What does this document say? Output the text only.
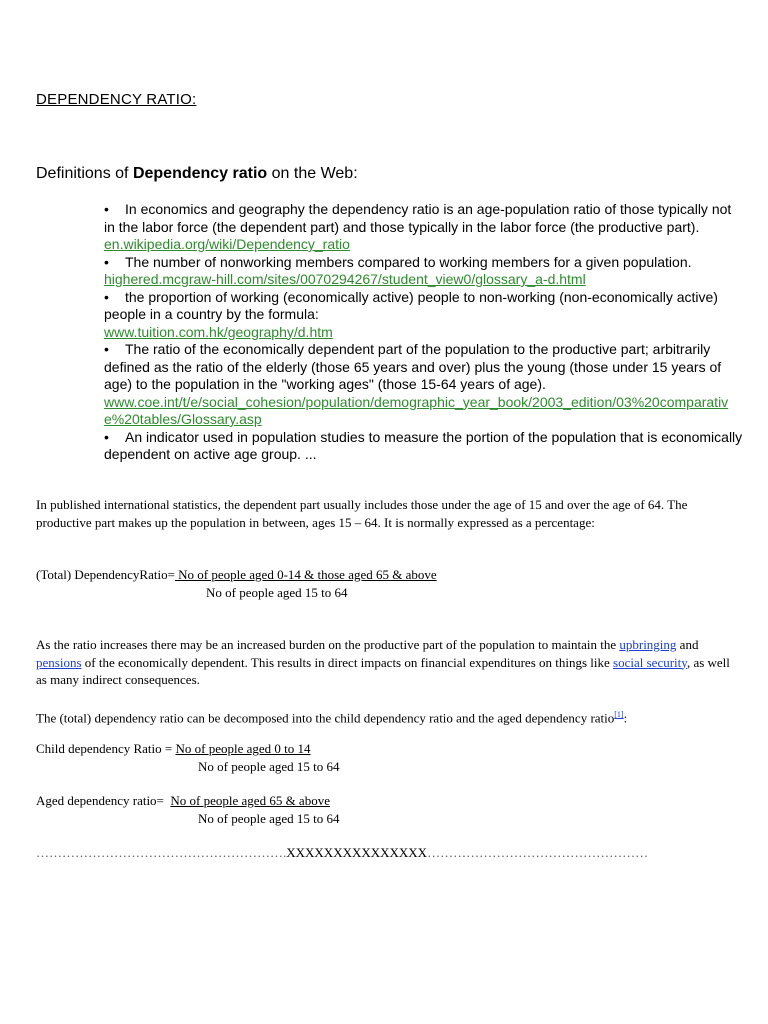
DEPENDENCY RATIO:
Definitions of Dependency ratio on the Web:
• In economics and geography the dependency ratio is an age-population ratio of those typically not in the labor force (the dependent part) and those typically in the labor force (the productive part).
en.wikipedia.org/wiki/Dependency_ratio
• The number of nonworking members compared to working members for a given population.
highered.mcgraw-hill.com/sites/0070294267/student_view0/glossary_a-d.html
• the proportion of working (economically active) people to non-working (non-economically active) people in a country by the formula:
www.tuition.com.hk/geography/d.htm
• The ratio of the economically dependent part of the population to the productive part; arbitrarily defined as the ratio of the elderly (those 65 years and over) plus the young (those under 15 years of age) to the population in the "working ages" (those 15-64 years of age).
www.coe.int/t/e/social_cohesion/population/demographic_year_book/2003_edition/03%20comparative%20tables/Glossary.asp
• An indicator used in population studies to measure the portion of the population that is economically dependent on active age group. ...
In published international statistics, the dependent part usually includes those under the age of 15 and over the age of 64. The productive part makes up the population in between, ages 15 – 64. It is normally expressed as a percentage:
(Total) DependencyRatio= No of people aged 0-14 & those aged 65 & above
No of people aged 15 to 64
As the ratio increases there may be an increased burden on the productive part of the population to maintain the upbringing and pensions of the economically dependent. This results in direct impacts on financial expenditures on things like social security, as well as many indirect consequences.
The (total) dependency ratio can be decomposed into the child dependency ratio and the aged dependency ratio[1]:
Child dependency Ratio = No of people aged 0 to 14
No of people aged 15 to 64
Aged dependency ratio=  No of people aged 65 & above
No of people aged 15 to 64
………………………………………………….XXXXXXXXXXXXXXX……………………………………………
